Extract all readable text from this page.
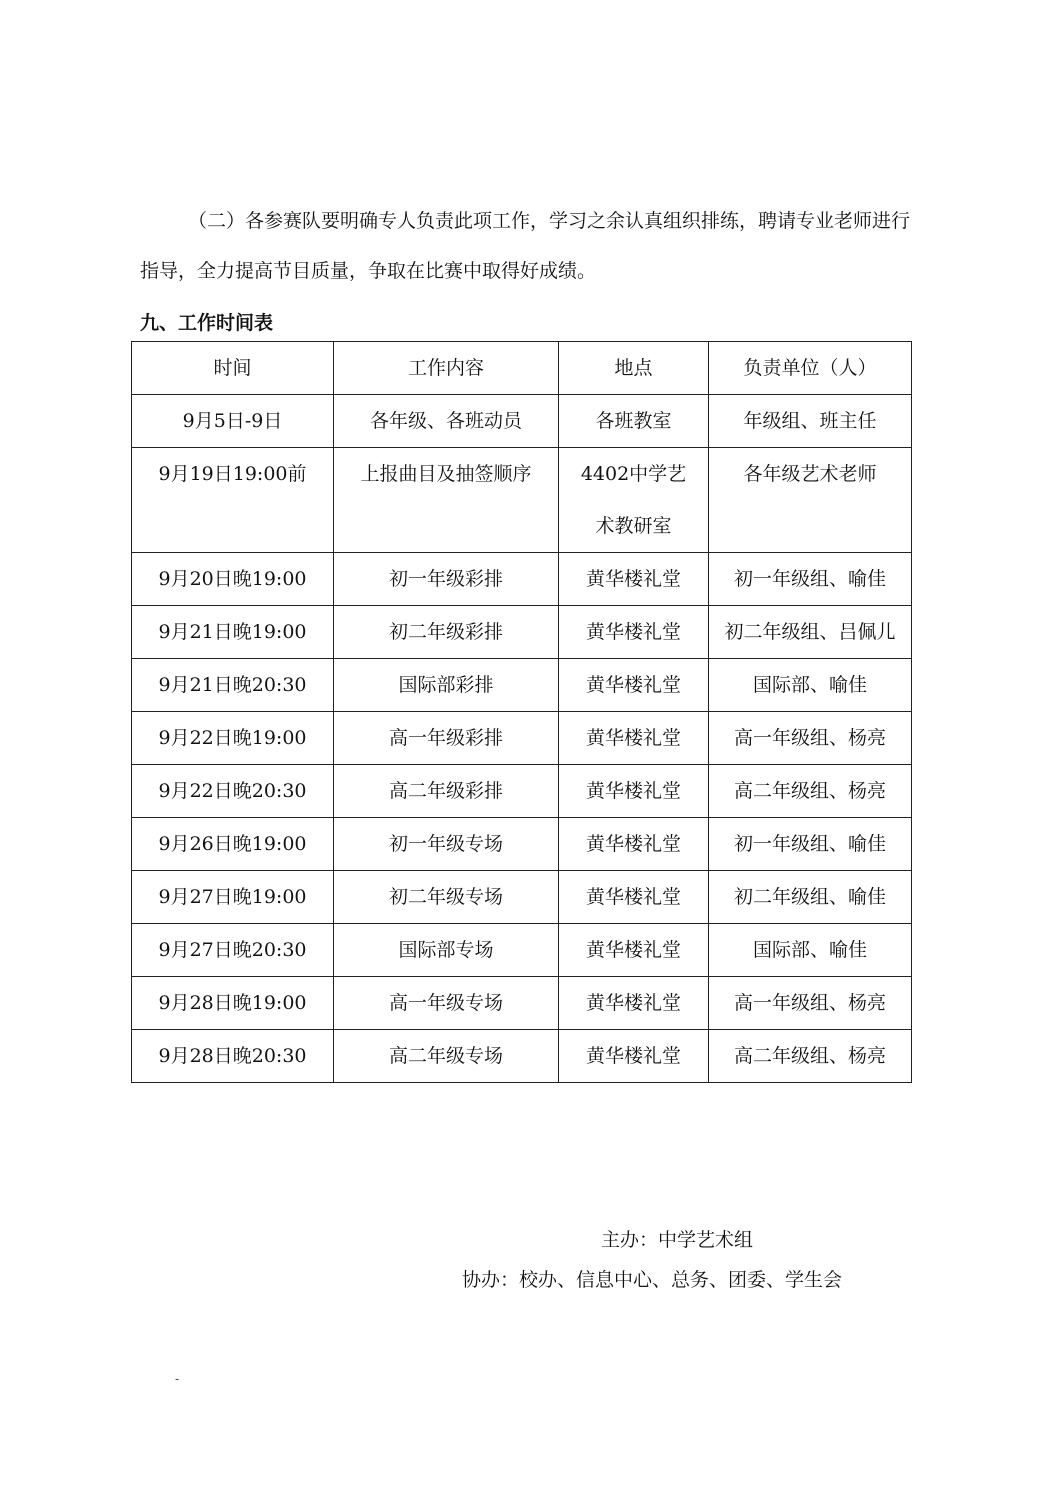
（二）各参赛队要明确专人负责此项工作，学习之余认真组织排练，聘请专业老师进行指导，全力提高节目质量，争取在比赛中取得好成绩。

九、工作时间表

时间	工作内容	地点	负责单位（人）
9月5日-9日	各年级、各班动员	各班教室	年级组、班主任
9月19日19:00前	上报曲目及抽签顺序	4402中学艺术教研室	各年级艺术老师
9月20日晚19:00	初一年级彩排	黄华楼礼堂	初一年级组、喻佳
9月21日晚19:00	初二年级彩排	黄华楼礼堂	初二年级组、吕佩儿
9月21日晚20:30	国际部彩排	黄华楼礼堂	国际部、喻佳
9月22日晚19:00	高一年级彩排	黄华楼礼堂	高一年级组、杨亮
9月22日晚20:30	高二年级彩排	黄华楼礼堂	高二年级组、杨亮
9月26日晚19:00	初一年级专场	黄华楼礼堂	初一年级组、喻佳
9月27日晚19:00	初二年级专场	黄华楼礼堂	初二年级组、喻佳
9月27日晚20:30	国际部专场	黄华楼礼堂	国际部、喻佳
9月28日晚19:00	高一年级专场	黄华楼礼堂	高一年级组、杨亮
9月28日晚20:30	高二年级专场	黄华楼礼堂	高二年级组、杨亮

主办：中学艺术组

协办：校办、信息中心、总务、团委、学生会

-
